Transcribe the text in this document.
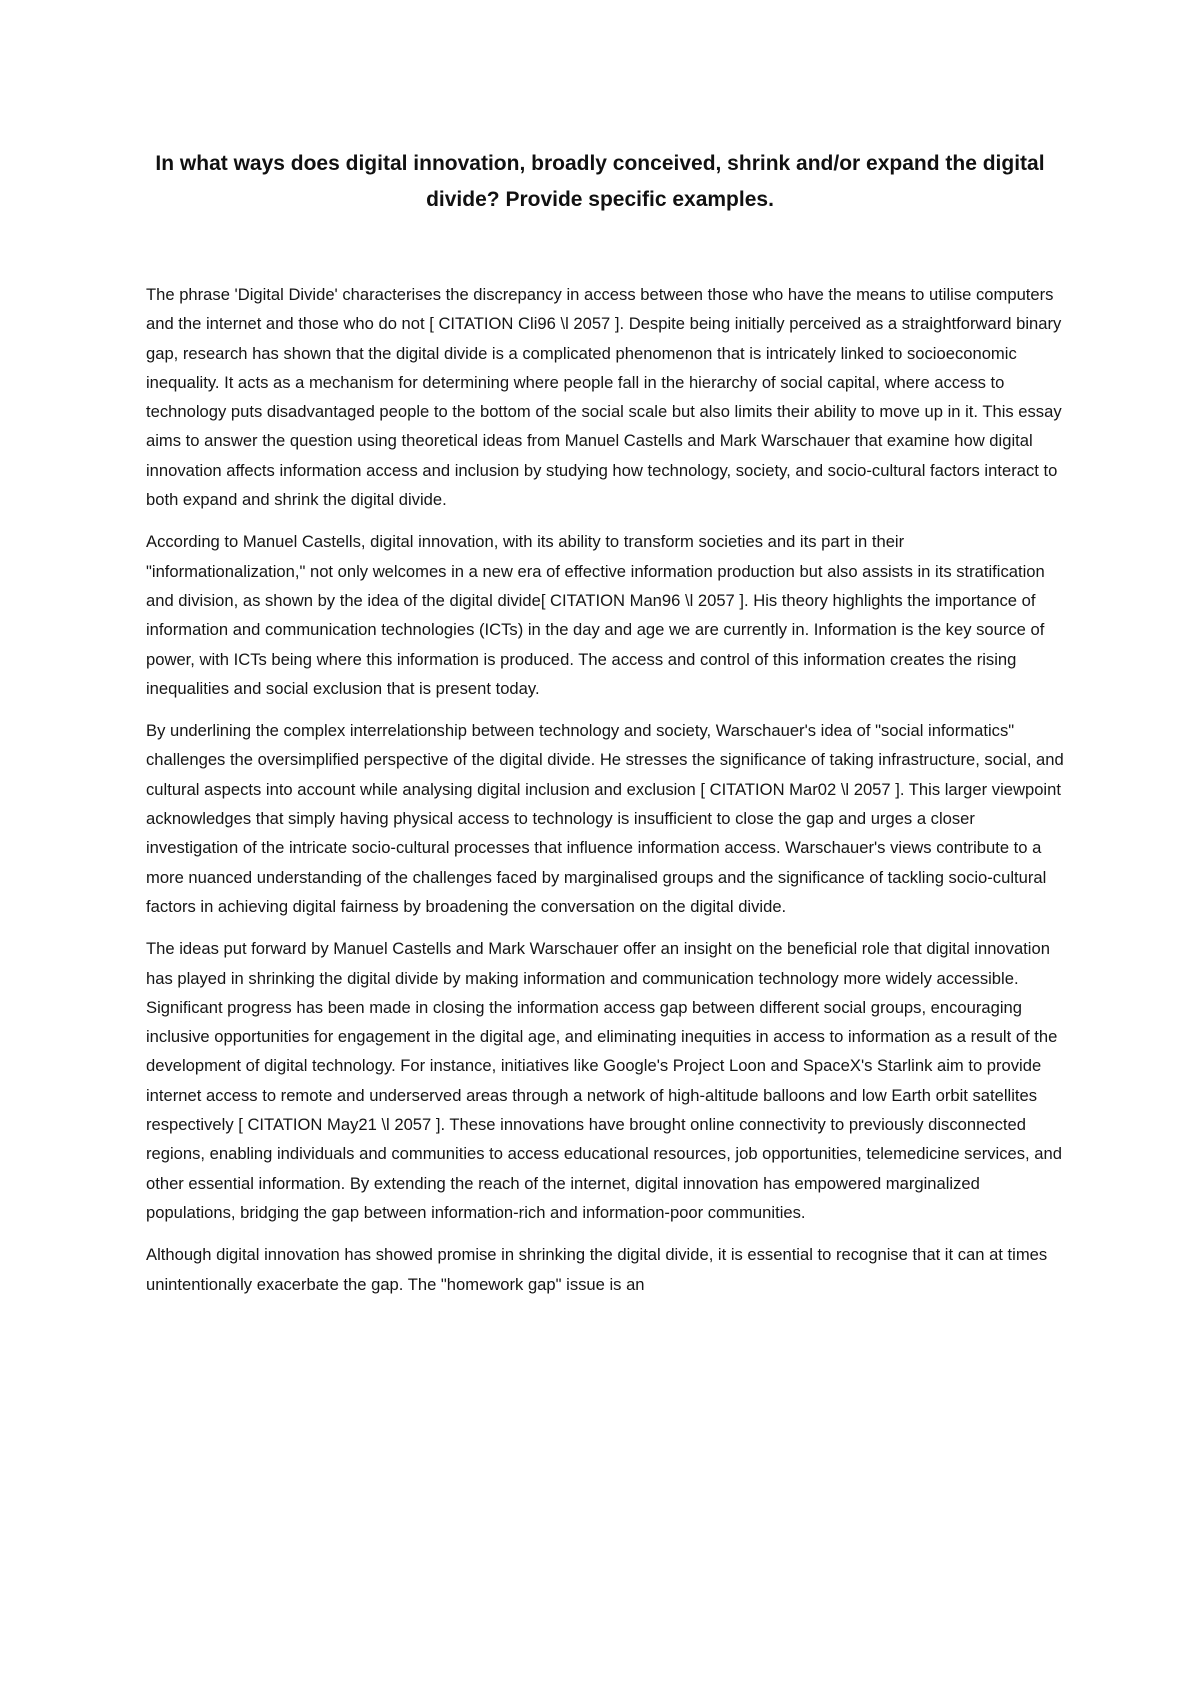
In what ways does digital innovation, broadly conceived, shrink and/or expand the digital divide? Provide specific examples.

The phrase 'Digital Divide' characterises the discrepancy in access between those who have the means to utilise computers and the internet and those who do not [ CITATION Cli96 \l 2057 ]. Despite being initially perceived as a straightforward binary gap, research has shown that the digital divide is a complicated phenomenon that is intricately linked to socioeconomic inequality. It acts as a mechanism for determining where people fall in the hierarchy of social capital, where access to technology puts disadvantaged people to the bottom of the social scale but also limits their ability to move up in it. This essay aims to answer the question using theoretical ideas from Manuel Castells and Mark Warschauer that examine how digital innovation affects information access and inclusion by studying how technology, society, and socio-cultural factors interact to both expand and shrink the digital divide.

According to Manuel Castells, digital innovation, with its ability to transform societies and its part in their "informationalization," not only welcomes in a new era of effective information production but also assists in its stratification and division, as shown by the idea of the digital divide[ CITATION Man96 \l 2057 ]. His theory highlights the importance of information and communication technologies (ICTs) in the day and age we are currently in. Information is the key source of power, with ICTs being where this information is produced. The access and control of this information creates the rising inequalities and social exclusion that is present today.

By underlining the complex interrelationship between technology and society, Warschauer's idea of "social informatics" challenges the oversimplified perspective of the digital divide. He stresses the significance of taking infrastructure, social, and cultural aspects into account while analysing digital inclusion and exclusion [ CITATION Mar02 \l 2057 ]. This larger viewpoint acknowledges that simply having physical access to technology is insufficient to close the gap and urges a closer investigation of the intricate socio-cultural processes that influence information access. Warschauer's views contribute to a more nuanced understanding of the challenges faced by marginalised groups and the significance of tackling socio-cultural factors in achieving digital fairness by broadening the conversation on the digital divide.

The ideas put forward by Manuel Castells and Mark Warschauer offer an insight on the beneficial role that digital innovation has played in shrinking the digital divide by making information and communication technology more widely accessible. Significant progress has been made in closing the information access gap between different social groups, encouraging inclusive opportunities for engagement in the digital age, and eliminating inequities in access to information as a result of the development of digital technology. For instance, initiatives like Google's Project Loon and SpaceX's Starlink aim to provide internet access to remote and underserved areas through a network of high-altitude balloons and low Earth orbit satellites respectively [ CITATION May21 \l 2057 ]. These innovations have brought online connectivity to previously disconnected regions, enabling individuals and communities to access educational resources, job opportunities, telemedicine services, and other essential information. By extending the reach of the internet, digital innovation has empowered marginalized populations, bridging the gap between information-rich and information-poor communities.

Although digital innovation has showed promise in shrinking the digital divide, it is essential to recognise that it can at times unintentionally exacerbate the gap. The "homework gap" issue is an
